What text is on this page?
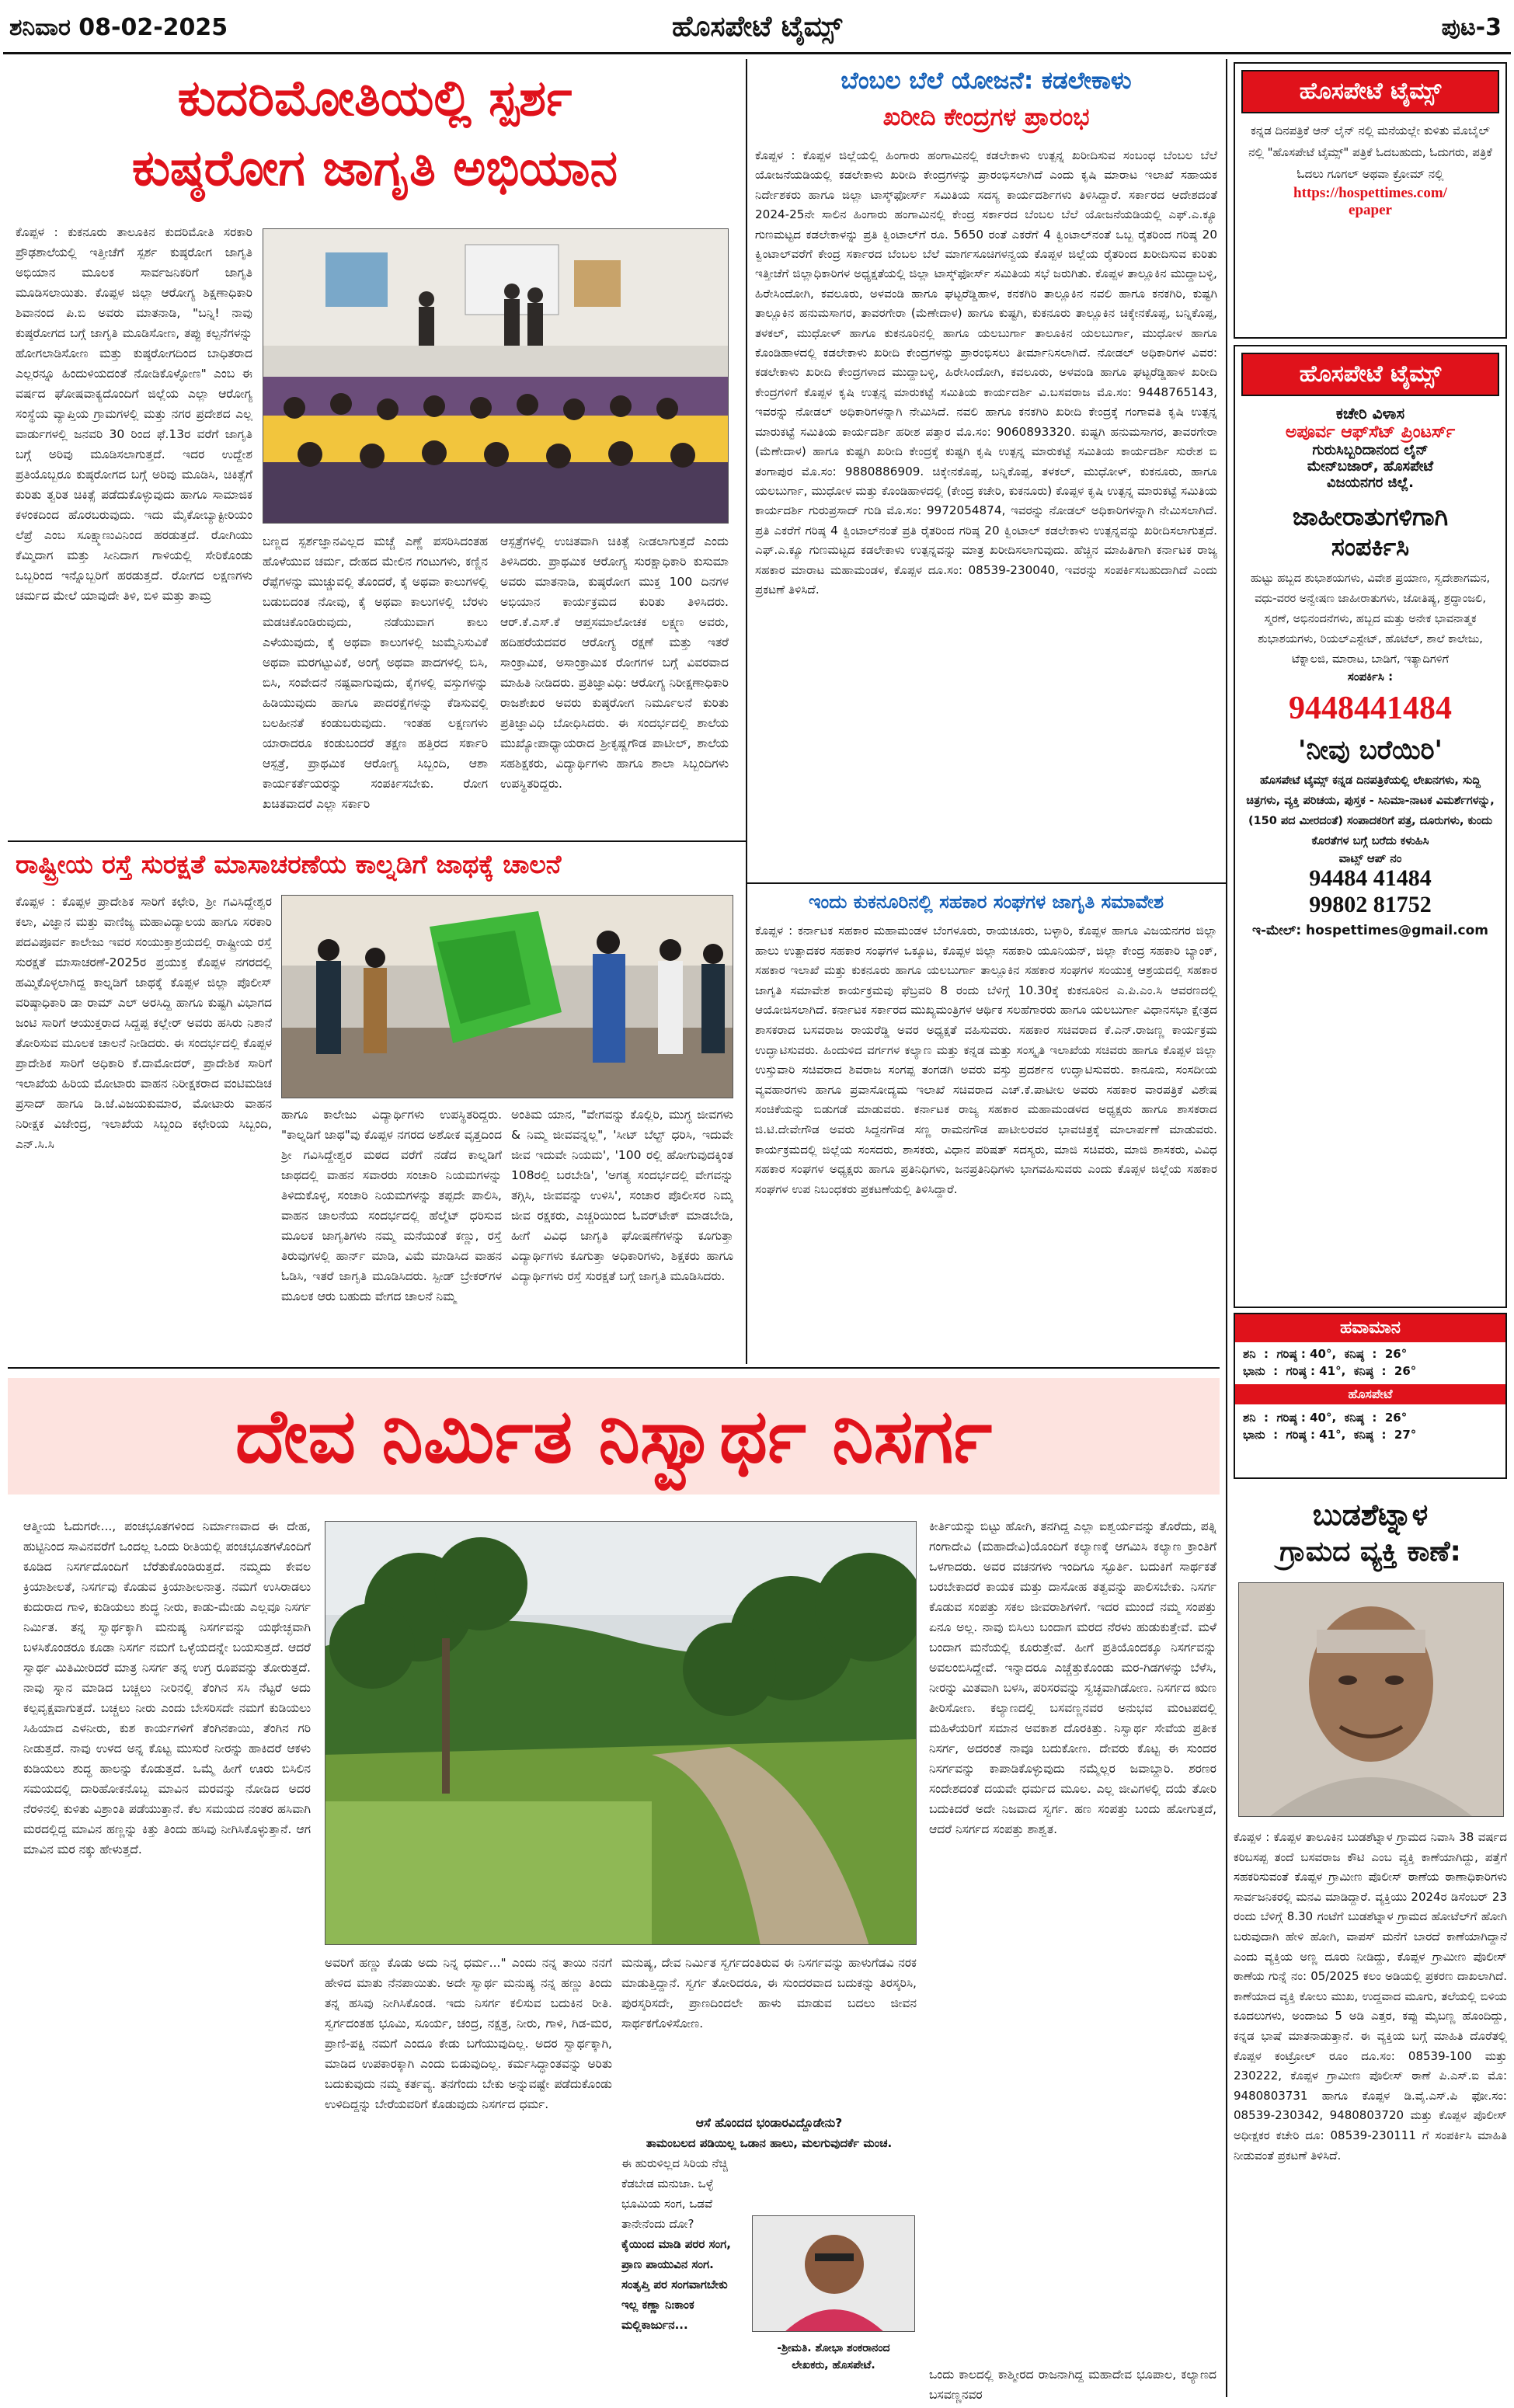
ಶನಿವಾರ 08-02-2025	ಹೊಸಪೇಟೆ ಟೈಮ್ಸ್	ಪುಟ-3
ಕುದರಿಮೋತಿಯಲ್ಲಿ ಸ್ಪರ್ಶ
ಕುಷ್ಠರೋಗ ಜಾಗೃತಿ ಅಭಿಯಾನ
ಕೊಪ್ಪಳ : ಕುಕನೂರು ತಾಲೂಕಿನ ಕುದರಿಮೋತಿ ಸರಕಾರಿ ಪ್ರೌಢಶಾಲೆಯಲ್ಲಿ ಇತ್ತೀಚೆಗೆ ಸ್ಪರ್ಶ ಕುಷ್ಠರೋಗ ಜಾಗೃತಿ ಅಭಿಯಾನ ಮೂಲಕ ಸಾರ್ವಜನಿಕರಿಗೆ ಜಾಗೃತಿ ಮೂಡಿಸಲಾಯಿತು. ಕೊಪ್ಪಳ ಜಿಲ್ಲಾ ಆರೋಗ್ಯ ಶಿಕ್ಷಣಾಧಿಕಾರಿ ಶಿವಾನಂದ ಪಿ.ಬಿ ಅವರು ಮಾತನಾಡಿ, "ಬನ್ನಿ! ನಾವು ಕುಷ್ಠರೋಗದ ಬಗ್ಗೆ ಜಾಗೃತಿ ಮೂಡಿಸೋಣ, ತಪ್ಪು ಕಲ್ಪನೆಗಳನ್ನು ಹೋಗಲಾಡಿಸೋಣ ಮತ್ತು ಕುಷ್ಠರೋಗದಿಂದ ಬಾಧಿತರಾದ ಎಲ್ಲರನ್ನೂ ಹಿಂದುಳಿಯದಂತೆ ನೋಡಿಕೊಳ್ಳೋಣ" ಎಂಬ ಈ ವರ್ಷದ ಘೋಷವಾಕ್ಯದೊಂದಿಗೆ ಜಿಲ್ಲೆಯ ಎಲ್ಲಾ ಆರೋಗ್ಯ ಸಂಸ್ಥೆಯ ವ್ಯಾಪ್ತಿಯ ಗ್ರಾಮಗಳಲ್ಲಿ ಮತ್ತು ನಗರ ಪ್ರದೇಶದ ಎಲ್ಲ ವಾರ್ಡುಗಳಲ್ಲಿ ಜನವರಿ 30 ರಿಂದ ಫೆ.13ರ ವರೆಗೆ ಜಾಗೃತಿ ಬಗ್ಗೆ ಅರಿವು ಮೂಡಿಸಲಾಗುತ್ತದೆ. ಇದರ ಉದ್ದೇಶ ಪ್ರತಿಯೊಬ್ಬರೂ ಕುಷ್ಠರೋಗದ ಬಗ್ಗೆ ಅರಿವು ಮೂಡಿಸಿ, ಚಿಕಿತ್ಸೆಗೆ ಕುರಿತು ತ್ವರಿತ ಚಿಕಿತ್ಸೆ ಪಡೆದುಕೊಳ್ಳುವುದು ಹಾಗೂ ಸಾಮಾಜಿಕ ಕಳಂಕದಿಂದ ಹೊರಬರುವುದು. ಇದು ಮೈಕೋಬ್ಯಾಕ್ಟೀರಿಯಂ ಲೆಪ್ರೆ ಎಂಬ ಸೂಕ್ಷ್ಮಾಣುವಿನಿಂದ ಹರಡುತ್ತದೆ. ರೋಗಿಯು ಕೆಮ್ಮಿದಾಗ ಮತ್ತು ಸೀನಿದಾಗ ಗಾಳಿಯಲ್ಲಿ ಸೇರಿಕೊಂಡು ಒಬ್ಬರಿಂದ ಇನ್ನೊಬ್ಬರಿಗೆ ಹರಡುತ್ತದೆ. ರೋಗದ ಲಕ್ಷಣಗಳು ಚರ್ಮದ ಮೇಲೆ ಯಾವುದೇ ತಿಳಿ, ಬಿಳಿ ಮತ್ತು ತಾಮ್ರ
ಬಣ್ಣದ ಸ್ಪರ್ಶಜ್ಞಾನವಿಲ್ಲದ ಮಚ್ಚೆ ಎಣ್ಣೆ ಪಸರಿಸಿದಂತಹ ಹೊಳೆಯುವ ಚರ್ಮ, ದೇಹದ ಮೇಲಿನ ಗಂಟುಗಳು, ಕಣ್ಣಿನ ರೆಪ್ಪೆಗಳನ್ನು ಮುಚ್ಚುವಲ್ಲಿ ತೊಂದರೆ, ಕೈ ಅಥವಾ ಕಾಲುಗಳಲ್ಲಿ ಬಡುಬಿದಂತ ನೋವು, ಕೈ ಅಥವಾ ಕಾಲುಗಳಲ್ಲಿ ಬೆರಳು ಮಡಚಿಕೊಂಡಿರುವುದು, ನಡೆಯುವಾಗ ಕಾಲು ಎಳೆಯುವುದು, ಕೈ ಅಥವಾ ಕಾಲುಗಳಲ್ಲಿ ಜುಮ್ಮೆನಿಸುವಿಕೆ ಅಥವಾ ಮರಗಟ್ಟುವಿಕೆ, ಅಂಗೈ ಅಥವಾ ಪಾದಗಳಲ್ಲಿ ಬಿಸಿ, ಬಿಸಿ, ಸಂವೇದನೆ ನಷ್ಟವಾಗುವುದು, ಕೈಗಳಲ್ಲಿ ವಸ್ತುಗಳನ್ನು ಹಿಡಿಯುವುದು ಹಾಗೂ ಪಾದರಕ್ಷೆಗಳನ್ನು ಕೆಡಿಸುವಲ್ಲಿ ಬಲಹೀನತೆ ಕಂಡುಬರುವುದು. ಇಂತಹ ಲಕ್ಷಣಗಳು ಯಾರಾದರೂ ಕಂಡುಬಂದರೆ ತಕ್ಷಣ ಹತ್ತಿರದ ಸರ್ಕಾರಿ ಆಸ್ಪತ್ರೆ, ಪ್ರಾಥಮಿಕ ಆರೋಗ್ಯ ಸಿಬ್ಬಂದಿ, ಆಶಾ ಕಾರ್ಯಕರ್ತೆಯರನ್ನು ಸಂಪರ್ಕಿಸಬೇಕು. ರೋಗ ಖಚಿತವಾದರೆ ಎಲ್ಲಾ ಸರ್ಕಾರಿ
ಆಸ್ಪತ್ರೆಗಳಲ್ಲಿ ಉಚಿತವಾಗಿ ಚಿಕಿತ್ಸೆ ನೀಡಲಾಗುತ್ತದೆ ಎಂದು ತಿಳಿಸಿದರು. ಪ್ರಾಥಮಿಕ ಆರೋಗ್ಯ ಸುರಕ್ಷಾಧಿಕಾರಿ ಕುಸುಮಾ ಅವರು ಮಾತನಾಡಿ, ಕುಷ್ಠರೋಗ ಮುಕ್ತ 100 ದಿನಗಳ ಅಭಿಯಾನ ಕಾರ್ಯಕ್ರಮದ ಕುರಿತು ತಿಳಿಸಿದರು. ಆರ್.ಕೆ.ಎಸ್.ಕೆ ಆಪ್ತಸಮಾಲೋಚಕ ಲಕ್ಷ್ಮಣ ಅವರು, ಹದಿಹರೆಯದವರ ಆರೋಗ್ಯ ರಕ್ಷಣೆ ಮತ್ತು ಇತರೆ ಸಾಂಕ್ರಾಮಿಕ, ಅಸಾಂಕ್ರಾಮಿಕ ರೋಗಗಳ ಬಗ್ಗೆ ವಿವರವಾದ ಮಾಹಿತಿ ನೀಡಿದರು. ಪ್ರತಿಜ್ಞಾವಿಧಿ: ಆರೋಗ್ಯ ನಿರೀಕ್ಷಣಾಧಿಕಾರಿ ರಾಜಶೇಖರ ಅವರು ಕುಷ್ಠರೋಗ ನಿರ್ಮೂಲನೆ ಕುರಿತು ಪ್ರತಿಜ್ಞಾವಿಧಿ ಬೋಧಿಸಿದರು. ಈ ಸಂದರ್ಭದಲ್ಲಿ ಶಾಲೆಯ ಮುಖ್ಯೋಪಾಧ್ಯಾಯರಾದ ಶ್ರೀಕೃಷ್ಣಗೌಡ ಪಾಟೀಲ್, ಶಾಲೆಯ ಸಹಶಿಕ್ಷಕರು, ವಿದ್ಯಾರ್ಥಿಗಳು ಹಾಗೂ ಶಾಲಾ ಸಿಬ್ಬಂದಿಗಳು ಉಪಸ್ಥಿತರಿದ್ದರು.
ರಾಷ್ಟ್ರೀಯ ರಸ್ತೆ ಸುರಕ್ಷತೆ ಮಾಸಾಚರಣೆಯ ಕಾಲ್ನಡಿಗೆ ಜಾಥಕ್ಕೆ ಚಾಲನೆ
ಕೊಪ್ಪಳ : ಕೊಪ್ಪಳ ಪ್ರಾದೇಶಿಕ ಸಾರಿಗೆ ಕಛೇರಿ, ಶ್ರೀ ಗವಿಸಿದ್ದೇಶ್ವರ ಕಲಾ, ವಿಜ್ಞಾನ ಮತ್ತು ವಾಣಿಜ್ಯ ಮಹಾವಿದ್ಯಾಲಯ ಹಾಗೂ ಸರಕಾರಿ ಪದವಿಪೂರ್ವ ಕಾಲೇಜು ಇವರ ಸಂಯುಕ್ತಾಶ್ರಯದಲ್ಲಿ ರಾಷ್ಟ್ರೀಯ ರಸ್ತೆ ಸುರಕ್ಷತೆ ಮಾಸಾಚರಣೆ-2025ರ ಪ್ರಯುಕ್ತ ಕೊಪ್ಪಳ ನಗರದಲ್ಲಿ ಹಮ್ಮಿಕೊಳ್ಳಲಾಗಿದ್ದ ಕಾಲ್ನಡಿಗೆ ಜಾಥಕ್ಕೆ ಕೊಪ್ಪಳ ಜಿಲ್ಲಾ ಪೊಲೀಸ್ ವರಿಷ್ಠಾಧಿಕಾರಿ ಡಾ ರಾಮ್ ಎಲ್ ಅರಸಿದ್ದಿ ಹಾಗೂ ಕುಷ್ಟಗಿ ವಿಭಾಗದ ಜಂಟಿ ಸಾರಿಗೆ ಆಯುಕ್ತರಾದ ಸಿದ್ದಪ್ಪ ಕಲ್ಲೇರ್ ಅವರು ಹಸಿರು ನಿಶಾನೆ ತೋರಿಸುವ ಮೂಲಕ ಚಾಲನೆ ನೀಡಿದರು. ಈ ಸಂದರ್ಭದಲ್ಲಿ ಕೊಪ್ಪಳ ಪ್ರಾದೇಶಿಕ ಸಾರಿಗೆ ಅಧಿಕಾರಿ ಕೆ.ದಾಮೋದರ್, ಪ್ರಾದೇಶಿಕ ಸಾರಿಗೆ ಇಲಾಖೆಯ ಹಿರಿಯ ಮೋಟಾರು ವಾಹನ ನಿರೀಕ್ಷಕರಾದ ವಂಟಿಮಡಿಚ ಪ್ರಸಾದ್ ಹಾಗೂ ಡಿ.ಜೆ.ವಿಜಯಕುಮಾರ, ಮೋಟಾರು ವಾಹನ ನಿರೀಕ್ಷಕ ವಿಜೇಂದ್ರ, ಇಲಾಖೆಯ ಸಿಬ್ಬಂದಿ ಕಛೇರಿಯ ಸಿಬ್ಬಂದಿ, ಎನ್.ಸಿ.ಸಿ
ಹಾಗೂ ಕಾಲೇಜು ವಿದ್ಯಾರ್ಥಿಗಳು ಉಪಸ್ಥಿತರಿದ್ದರು. "ಕಾಲ್ನಡಿಗೆ ಜಾಥ"ವು ಕೊಪ್ಪಳ ನಗರದ ಅಶೋಕ ವೃತ್ತದಿಂದ ಶ್ರೀ ಗವಿಸಿದ್ದೇಶ್ವರ ಮಠದ ವರೆಗೆ ನಡೆದ ಕಾಲ್ನಡಿಗೆ ಜಾಥದಲ್ಲಿ ವಾಹನ ಸವಾರರು ಸಂಚಾರಿ ನಿಯಮಗಳನ್ನು ತಿಳಿದುಕೊಳ್ಳ, ಸಂಚಾರಿ ನಿಯಮಗಳನ್ನು ತಪ್ಪದೇ ಪಾಲಿಸಿ, ವಾಹನ ಚಾಲನೆಯ ಸಂದರ್ಭದಲ್ಲಿ ಹೆಲ್ಮೆಟ್ ಧರಿಸುವ ಮೂಲಕ ಜಾಗೃತಿಗಳು ನಮ್ಮ ಮನೆಯಂತೆ ಕಣ್ಣು, ರಸ್ತೆ ತಿರುವುಗಳಲ್ಲಿ ಹಾರ್ನ್ ಮಾಡಿ, ವಿಮೆ ಮಾಡಿಸಿದ ವಾಹನ ಓಡಿಸಿ, ಇತರೆ ಜಾಗೃತಿ ಮೂಡಿಸಿದರು. ಸ್ಪೀಡ್ ಬ್ರೇಕರ್‌ಗಳ ಮೂಲಕ ಆರು ಬಹುದು ವೇಗದ ಚಾಲನೆ ನಿಮ್ಮ
ಅಂತಿಮ ಯಾನ, "ವೇಗವನ್ನು ಕೊಲ್ಲಿರಿ, ಮುಗ್ಧ ಜೀವಗಳು & ನಿಮ್ಮ ಜೀವವನ್ನಲ್ಲ", 'ಸೀಟ್ ಬೆಲ್ಟ್ ಧರಿಸಿ, ಇದುವೇ ಜೀವ ಇದುವೇ ನಿಯಮ', '100 ರಲ್ಲಿ ಹೋಗುವುದಕ್ಕಿಂತ 108ರಲ್ಲಿ ಬರಬೇಡಿ', 'ಅಗತ್ಯ ಸಂದರ್ಭದಲ್ಲಿ ವೇಗವನ್ನು ತಗ್ಗಿಸಿ, ಜೀವವನ್ನು ಉಳಿಸಿ', ಸಂಚಾರ ಪೊಲೀಸರ ನಿಮ್ಮ ಜೀವ ರಕ್ಷಕರು, ಎಚ್ಚರಿಯಿಂದ ಓವರ್‌ಟೇಕ್ ಮಾಡಬೇಡಿ, ಹೀಗೆ ವಿವಿಧ ಜಾಗೃತಿ ಘೋಷಣೆಗಳನ್ನು ಕೂಗುತ್ತಾ ವಿದ್ಯಾರ್ಥಿಗಳು ಕೂಗುತ್ತಾ ಅಧಿಕಾರಿಗಳು, ಶಿಕ್ಷಕರು ಹಾಗೂ ವಿದ್ಯಾರ್ಥಿಗಳು ರಸ್ತೆ ಸುರಕ್ಷತೆ ಬಗ್ಗೆ ಜಾಗೃತಿ ಮೂಡಿಸಿದರು.
ಬೆಂಬಲ ಬೆಲೆ ಯೋಜನೆ: ಕಡಲೇಕಾಳು
ಖರೀದಿ ಕೇಂದ್ರಗಳ ಪ್ರಾರಂಭ
ಕೊಪ್ಪಳ : ಕೊಪ್ಪಳ ಜಿಲ್ಲೆಯಲ್ಲಿ ಹಿಂಗಾರು ಹಂಗಾಮಿನಲ್ಲಿ ಕಡಲೇಕಾಳು ಉತ್ಪನ್ನ ಖರೀದಿಸುವ ಸಂಬಂಧ ಬೆಂಬಲ ಬೆಲೆ ಯೋಜನೆಯಡಿಯಲ್ಲಿ ಕಡಲೇಕಾಳು ಖರೀದಿ ಕೇಂದ್ರಗಳನ್ನು ಪ್ರಾರಂಭಿಸಲಾಗಿದೆ ಎಂದು ಕೃಷಿ ಮಾರಾಟ ಇಲಾಖೆ ಸಹಾಯಕ ನಿರ್ದೇಶಕರು ಹಾಗೂ ಜಿಲ್ಲಾ ಟಾಸ್ಕ್‌ಫೋರ್ಸ್ ಸಮಿತಿಯ ಸದಸ್ಯ ಕಾರ್ಯದರ್ಶಿಗಳು ತಿಳಿಸಿದ್ದಾರೆ. ಸರ್ಕಾರದ ಆದೇಶದಂತೆ 2024-25ನೇ ಸಾಲಿನ ಹಿಂಗಾರು ಹಂಗಾಮಿನಲ್ಲಿ ಕೇಂದ್ರ ಸರ್ಕಾರದ ಬೆಂಬಲ ಬೆಲೆ ಯೋಜನೆಯಡಿಯಲ್ಲಿ ಎಫ್.ಎ.ಕ್ಯೂ ಗುಣಮಟ್ಟದ ಕಡಲೇಕಾಳನ್ನು ಪ್ರತಿ ಕ್ವಿಂಟಾಲ್‌ಗೆ ರೂ. 5650 ರಂತೆ ಎಕರೆಗೆ 4 ಕ್ವಿಂಟಾಲ್‌ನಂತೆ ಒಬ್ಬ ರೈತರಿಂದ ಗರಿಷ್ಠ 20 ಕ್ವಿಂಟಾಲ್‌ವರೆಗೆ ಕೇಂದ್ರ ಸರ್ಕಾರದ ಬೆಂಬಲ ಬೆಲೆ ಮಾರ್ಗಸೂಚಿಗಳನ್ವಯ ಕೊಪ್ಪಳ ಜಿಲ್ಲೆಯ ರೈತರಿಂದ ಖರೀದಿಸುವ ಕುರಿತು ಇತ್ತೀಚೆಗೆ ಜಿಲ್ಲಾಧಿಕಾರಿಗಳ ಅಧ್ಯಕ್ಷತೆಯಲ್ಲಿ ಜಿಲ್ಲಾ ಟಾಸ್ಕ್‌ಫೋರ್ಸ್ ಸಮಿತಿಯ ಸಭೆ ಜರುಗಿತು. ಕೊಪ್ಪಳ ತಾಲ್ಲೂಕಿನ ಮುದ್ದಾಬಳ್ಳಿ, ಹಿರೇಸಿಂದೋಗಿ, ಕವಲೂರು, ಅಳವಂಡಿ ಹಾಗೂ ಘಟ್ಟರೆಡ್ಡಿಹಾಳ, ಕನಕಗಿರಿ ತಾಲ್ಲೂಕಿನ ನವಲಿ ಹಾಗೂ ಕನಕಗಿರಿ, ಕುಷ್ಟಗಿ ತಾಲ್ಲೂಕಿನ ಹನುಮಸಾಗರ, ತಾವರಗೇರಾ (ಮೆಣೇದಾಳ) ಹಾಗೂ ಕುಷ್ಟಗಿ, ಕುಕನೂರು ತಾಲ್ಲೂಕಿನ ಚಿಕ್ಕೇನಕೊಪ್ಪ, ಬನ್ನಿಕೊಪ್ಪ, ತಳಕಲ್, ಮುಧೋಳ್ ಹಾಗೂ ಕುಕನೂರಿನಲ್ಲಿ ಹಾಗೂ ಯಲಬುರ್ಗಾ ತಾಲೂಕಿನ ಯಲಬುರ್ಗಾ, ಮುಧೋಳ ಹಾಗೂ ಕೊಂಡಿಹಾಳದಲ್ಲಿ ಕಡಲೇಕಾಳು ಖರೀದಿ ಕೇಂದ್ರಗಳನ್ನು ಪ್ರಾರಂಭಿಸಲು ತೀರ್ಮಾನಿಸಲಾಗಿದೆ. ನೋಡಲ್ ಅಧಿಕಾರಿಗಳ ವಿವರ: ಕಡಲೇಕಾಳು ಖರೀದಿ ಕೇಂದ್ರಗಳಾದ ಮುದ್ದಾಬಳ್ಳಿ, ಹಿರೇಸಿಂದೋಗಿ, ಕವಲೂರು, ಅಳವಂಡಿ ಹಾಗೂ ಘಟ್ಟರೆಡ್ಡಿಹಾಳ ಖರೀದಿ ಕೇಂದ್ರಗಳಿಗೆ ಕೊಪ್ಪಳ ಕೃಷಿ ಉತ್ಪನ್ನ ಮಾರುಕಟ್ಟೆ ಸಮಿತಿಯ ಕಾರ್ಯದರ್ಶಿ ವಿ.ಬಸವರಾಜ ಮೊ.ಸಂ: 9448765143, ಇವರನ್ನು ನೋಡಲ್ ಅಧಿಕಾರಿಗಳನ್ನಾಗಿ ನೇಮಿಸಿದೆ. ನವಲಿ ಹಾಗೂ ಕನಕಗಿರಿ ಖರೀದಿ ಕೇಂದ್ರಕ್ಕೆ ಗಂಗಾವತಿ ಕೃಷಿ ಉತ್ಪನ್ನ ಮಾರುಕಟ್ಟೆ ಸಮಿತಿಯ ಕಾರ್ಯದರ್ಶಿ ಹರೀಶ ಪತ್ತಾರ ಮೊ.ಸಂ: 9060893320. ಕುಷ್ಟಗಿ ಹನುಮಸಾಗರ, ತಾವರಗೇರಾ (ಮೆಣೇದಾಳ) ಹಾಗೂ ಕುಷ್ಟಗಿ ಖರೀದಿ ಕೇಂದ್ರಕ್ಕೆ ಕುಷ್ಟಗಿ ಕೃಷಿ ಉತ್ಪನ್ನ ಮಾರುಕಟ್ಟೆ ಸಮಿತಿಯ ಕಾರ್ಯದರ್ಶಿ ಸುರೇಶ ಬಿ ತಂಗಾಪುರ ಮೊ.ಸಂ: 9880886909. ಚಿಕ್ಕೇನಕೊಪ್ಪ, ಬನ್ನಿಕೊಪ್ಪ, ತಳಕಲ್, ಮುಧೋಳ್, ಕುಕನೂರು, ಹಾಗೂ ಯಲಬುರ್ಗಾ, ಮುಧೋಳ ಮತ್ತು ಕೊಂಡಿಹಾಳದಲ್ಲಿ (ಕೇಂದ್ರ ಕಚೇರಿ, ಕುಕನೂರು) ಕೊಪ್ಪಳ ಕೃಷಿ ಉತ್ಪನ್ನ ಮಾರುಕಟ್ಟೆ ಸಮಿತಿಯ ಕಾರ್ಯದರ್ಶಿ ಗುರುಪ್ರಸಾದ್ ಗುಡಿ ಮೊ.ಸಂ: 9972054874, ಇವರನ್ನು ನೋಡಲ್ ಅಧಿಕಾರಿಗಳನ್ನಾಗಿ ನೇಮಿಸಲಾಗಿದೆ. ಪ್ರತಿ ಎಕರೆಗೆ ಗರಿಷ್ಠ 4 ಕ್ವಿಂಟಾಲ್‌ನಂತೆ ಪ್ರತಿ ರೈತರಿಂದ ಗರಿಷ್ಠ 20 ಕ್ವಿಂಟಾಲ್ ಕಡಲೇಕಾಳು ಉತ್ಪನ್ನವನ್ನು ಖರೀದಿಸಲಾಗುತ್ತದೆ. ಎಫ್.ಎ.ಕ್ಯೂ ಗುಣಮಟ್ಟದ ಕಡಲೇಕಾಳು ಉತ್ಪನ್ನವನ್ನು ಮಾತ್ರ ಖರೀದಿಸಲಾಗುವುದು. ಹೆಚ್ಚಿನ ಮಾಹಿತಿಗಾಗಿ ಕರ್ನಾಟಕ ರಾಜ್ಯ ಸಹಕಾರ ಮಾರಾಟ ಮಹಾಮಂಡಳ, ಕೊಪ್ಪಳ ದೂ.ಸಂ: 08539-230040, ಇವರನ್ನು ಸಂಪರ್ಕಿಸಬಹುದಾಗಿದೆ ಎಂದು ಪ್ರಕಟಣೆ ತಿಳಿಸಿದೆ.
ಇಂದು ಕುಕನೂರಿನಲ್ಲಿ ಸಹಕಾರ ಸಂಘಗಳ ಜಾಗೃತಿ ಸಮಾವೇಶ
ಕೊಪ್ಪಳ : ಕರ್ನಾಟಕ ಸಹಕಾರ ಮಹಾಮಂಡಳ ಬೆಂಗಳೂರು, ರಾಯಚೂರು, ಬಳ್ಳಾರಿ, ಕೊಪ್ಪಳ ಹಾಗೂ ವಿಜಯನಗರ ಜಿಲ್ಲಾ ಹಾಲು ಉತ್ಪಾದಕರ ಸಹಕಾರ ಸಂಘಗಳ ಒಕ್ಕೂಟ, ಕೊಪ್ಪಳ ಜಿಲ್ಲಾ ಸಹಕಾರಿ ಯೂನಿಯನ್, ಜಿಲ್ಲಾ ಕೇಂದ್ರ ಸಹಕಾರಿ ಬ್ಯಾಂಕ್, ಸಹಕಾರ ಇಲಾಖೆ ಮತ್ತು ಕುಕನೂರು ಹಾಗೂ ಯಲಬುರ್ಗಾ ತಾಲ್ಲೂಕಿನ ಸಹಕಾರ ಸಂಘಗಳ ಸಂಯುಕ್ತ ಆಶ್ರಯದಲ್ಲಿ ಸಹಕಾರ ಜಾಗೃತಿ ಸಮಾವೇಶ ಕಾರ್ಯಕ್ರಮವು ಫೆಬ್ರವರಿ 8 ರಂದು ಬೆಳಿಗ್ಗೆ 10.30ಕ್ಕೆ ಕುಕನೂರಿನ ಎ.ಪಿ.ಎಂ.ಸಿ ಆವರಣದಲ್ಲಿ ಆಯೋಜಿಸಲಾಗಿದೆ. ಕರ್ನಾಟಕ ಸರ್ಕಾರದ ಮುಖ್ಯಮಂತ್ರಿಗಳ ಆರ್ಥಿಕ ಸಲಹೆಗಾರರು ಹಾಗೂ ಯಲಬುರ್ಗಾ ವಿಧಾನಸಭಾ ಕ್ಷೇತ್ರದ ಶಾಸಕರಾದ ಬಸವರಾಜ ರಾಯರೆಡ್ಡಿ ಅವರ ಅಧ್ಯಕ್ಷತೆ ವಹಿಸುವರು. ಸಹಕಾರ ಸಚಿವರಾದ ಕೆ.ಎನ್.ರಾಜಣ್ಣ ಕಾರ್ಯಕ್ರಮ ಉದ್ಘಾಟಿಸುವರು. ಹಿಂದುಳಿದ ವರ್ಗಗಳ ಕಲ್ಯಾಣ ಮತ್ತು ಕನ್ನಡ ಮತ್ತು ಸಂಸ್ಕೃತಿ ಇಲಾಖೆಯ ಸಚಿವರು ಹಾಗೂ ಕೊಪ್ಪಳ ಜಿಲ್ಲಾ ಉಸ್ತುವಾರಿ ಸಚಿವರಾದ ಶಿವರಾಜ ಸಂಗಪ್ಪ ತಂಗಡಗಿ ಅವರು ವಸ್ತು ಪ್ರದರ್ಶನ ಉದ್ಘಾಟಿಸುವರು. ಕಾನೂನು, ಸಂಸದೀಯ ವ್ಯವಹಾರಗಳು ಹಾಗೂ ಪ್ರವಾಸೋದ್ಯಮ ಇಲಾಖೆ ಸಚಿವರಾದ ಎಚ್.ಕೆ.ಪಾಟೀಲ ಅವರು ಸಹಕಾರ ವಾರಪತ್ರಿಕೆ ವಿಶೇಷ ಸಂಚಿಕೆಯನ್ನು ಬಿಡುಗಡೆ ಮಾಡುವರು. ಕರ್ನಾಟಕ ರಾಜ್ಯ ಸಹಕಾರ ಮಹಾಮಂಡಳದ ಅಧ್ಯಕ್ಷರು ಹಾಗೂ ಶಾಸಕರಾದ ಜಿ.ಟಿ.ದೇವೇಗೌಡ ಅವರು ಸಿದ್ದನಗೌಡ ಸಣ್ಣ ರಾಮನಗೌಡ ಪಾಟೀಲರವರ ಭಾವಚಿತ್ರಕ್ಕೆ ಮಾಲಾರ್ಪಣೆ ಮಾಡುವರು. ಕಾರ್ಯಕ್ರಮದಲ್ಲಿ ಜಿಲ್ಲೆಯ ಸಂಸದರು, ಶಾಸಕರು, ವಿಧಾನ ಪರಿಷತ್ ಸದಸ್ಯರು, ಮಾಜಿ ಸಚಿವರು, ಮಾಜಿ ಶಾಸಕರು, ವಿವಿಧ ಸಹಕಾರ ಸಂಘಗಳ ಅಧ್ಯಕ್ಷರು ಹಾಗೂ ಪ್ರತಿನಿಧಿಗಳು, ಜನಪ್ರತಿನಿಧಿಗಳು ಭಾಗವಹಿಸುವರು ಎಂದು ಕೊಪ್ಪಳ ಜಿಲ್ಲೆಯ ಸಹಕಾರ ಸಂಘಗಳ ಉಪ ನಿಬಂಧಕರು ಪ್ರಕಟಣೆಯಲ್ಲಿ ತಿಳಿಸಿದ್ದಾರೆ.
ದೇವ ನಿರ್ಮಿತ ನಿಸ್ವಾರ್ಥ ನಿಸರ್ಗ
ಆತ್ಮೀಯ ಓದುಗರೇ..., ಪಂಚಭೂತಗಳಿಂದ ನಿರ್ಮಾಣವಾದ ಈ ದೇಹ, ಹುಟ್ಟಿನಿಂದ ಸಾವಿನವರೆಗೆ ಒಂದಲ್ಲ ಒಂದು ರೀತಿಯಲ್ಲಿ ಪಂಚಭೂತಗಳೊಂದಿಗೆ ಕೂಡಿದ ನಿಸರ್ಗದೊಂದಿಗೆ ಬೆರೆತುಕೊಂಡಿರುತ್ತದೆ. ನಮ್ಮದು ಕೇವಲ ಕ್ರಿಯಾಶೀಲತೆ, ನಿಸರ್ಗವು ಕೊಡುವ ಕ್ರಿಯಾಶೀಲನಾತ್ರ. ನಮಗೆ ಉಸಿರಾಡಲು ಕುದುರಾದ ಗಾಳಿ, ಕುಡಿಯಲು ಶುದ್ಧ ನೀರು, ಕಾಡು-ಮೇಡು ಎಲ್ಲವೂ ನಿಸರ್ಗ ನಿರ್ಮಿತ. ತನ್ನ ಸ್ವಾರ್ಥಕ್ಕಾಗಿ ಮನುಷ್ಯ ನಿಸರ್ಗವನ್ನು ಯಥೇಚ್ಛವಾಗಿ ಬಳಸಿಕೊಂಡರೂ ಕೂಡಾ ನಿಸರ್ಗ ನಮಗೆ ಒಳ್ಳೆಯದನ್ನೇ ಬಯಸುತ್ತದೆ. ಆದರೆ ಸ್ವಾರ್ಥ ಮಿತಿಮೀರಿದರೆ ಮಾತ್ರ ನಿಸರ್ಗ ತನ್ನ ಉಗ್ರ ರೂಪವನ್ನು ತೋರುತ್ತದೆ. ನಾವು ಸ್ನಾನ ಮಾಡಿದ ಬಚ್ಚಲು ನೀರಿನಲ್ಲಿ ತೆಂಗಿನ ಸಸಿ ನೆಟ್ಟರೆ ಅದು ಕಲ್ಪವೃಕ್ಷವಾಗುತ್ತದೆ. ಬಚ್ಚಲು ನೀರು ಎಂದು ಬೇಸರಿಸದೇ ನಮಗೆ ಕುಡಿಯಲು ಸಿಹಿಯಾದ ಎಳನೀರು, ಕುಶ ಕಾರ್ಯಗಳಿಗೆ ತೆಂಗಿನಕಾಯಿ, ತೆಂಗಿನ ಗರಿ ನೀಡುತ್ತದೆ. ನಾವು ಉಳದ ಅನ್ನ ಕೊಟ್ಟ ಮುಸುರೆ ನೀರನ್ನು ಹಾಕಿದರೆ ಆಕಳು ಕುಡಿಯಲು ಶುದ್ಧ ಹಾಲನ್ನು ಕೊಡುತ್ತದೆ. ಒಮ್ಮೆ ಹೀಗೆ ಊರು ಬಿಸಿಲಿನ ಸಮಯದಲ್ಲಿ ದಾರಿಹೋಕನೊಬ್ಬ ಮಾವಿನ ಮರವನ್ನು ನೋಡಿದ ಅದರ ನೆರಳಿನಲ್ಲಿ ಕುಳಿತು ವಿಶ್ರಾಂತಿ ಪಡೆಯುತ್ತಾನೆ. ಕೆಲ ಸಮಯದ ನಂತರ ಹಸಿವಾಗಿ ಮರದಲ್ಲಿದ್ದ ಮಾವಿನ ಹಣ್ಣನ್ನು ಕಿತ್ತು ತಿಂದು ಹಸಿವು ನೀಗಿಸಿಕೊಳ್ಳುತ್ತಾನೆ. ಆಗ ಮಾವಿನ ಮರ ನಕ್ಕು ಹೇಳುತ್ತದೆ.
ಅವರಿಗೆ ಹಣ್ಣು ಕೊಡು ಅದು ನಿನ್ನ ಧರ್ಮ..." ಎಂದು ನನ್ನ ತಾಯಿ ನನಗೆ ಹೇಳಿದ ಮಾತು ನೆನಪಾಯಿತು. ಅದೇ ಸ್ವಾರ್ಥ ಮನುಷ್ಯ ನನ್ನ ಹಣ್ಣು ತಿಂದು ತನ್ನ ಹಸಿವು ನೀಗಿಸಿಕೊಂಡ. ಇದು ನಿಸರ್ಗ ಕಲಿಸುವ ಬದುಕಿನ ರೀತಿ. ಸ್ವರ್ಗದಂತಹ ಭೂಮಿ, ಸೂರ್ಯ, ಚಂದ್ರ, ನಕ್ಷತ್ರ, ನೀರು, ಗಾಳಿ, ಗಿಡ-ಮರ, ಪ್ರಾಣಿ-ಪಕ್ಷಿ ನಮಗೆ ಎಂದೂ ಕೇಡು ಬಗೆಯುವುದಿಲ್ಲ. ಅದರ ಸ್ವಾರ್ಥಕ್ಕಾಗಿ, ಮಾಡಿದ ಉಪಕಾರಕ್ಕಾಗಿ ಎಂದು ಬಿಡುವುದಿಲ್ಲ. ಕರ್ಮಸಿದ್ಧಾಂತವನ್ನು ಅರಿತು ಬದುಕುವುದು ನಮ್ಮ ಕರ್ತವ್ಯ. ತನಗೆಂದು ಬೇಕು ಅನ್ನುವಷ್ಟೇ ಪಡೆದುಕೊಂಡು ಉಳಿದಿದ್ದನ್ನು ಬೇರೆಯವರಿಗೆ ಕೊಡುವುದು ನಿಸರ್ಗದ ಧರ್ಮ.
ಮನುಷ್ಯ, ದೇವ ನಿರ್ಮಿತ ಸ್ವರ್ಗದಂತಿರುವ ಈ ನಿಸರ್ಗವನ್ನು ಹಾಳುಗೆಡವಿ ನರಕ ಮಾಡುತ್ತಿದ್ದಾನೆ. ಸ್ವರ್ಗ ತೋರಿದರೂ, ಈ ಸುಂದರವಾದ ಬದುಕನ್ನು ತಿರಸ್ಕರಿಸಿ, ಪುರಸ್ಕರಿಸದೇ, ಪ್ರಾಣದಿಂದಲೇ ಹಾಳು ಮಾಡುವ ಬದಲು ಜೀವನ ಸಾರ್ಥಕಗೊಳಿಸೋಣ.
ಆಸೆ ಹೊಂದದ ಭಂಡಾರವಿದ್ದೊಡೇನು?
ತಾಮಂಬಲದ ಪಡಿಯಿಲ್ಲ ಒಡಾನ ಹಾಲು, ಮಲಗುವುದರ್ಕೆ ಮಂಚ.
ಈ ಹುರುಳಿಲ್ಲದ ಸಿರಿಯ ನೆಚ್ಚಿ ಕೆಡಬೇಡ ಮನುಜಾ. ಒಳ್ಳೆ ಭೂಮಿಯ ಸಂಗ, ಒಡವೆ ತಾನೇನೆಂದು ದೋ?
ಕೈಯಿಂದ ಮಾಡಿ ಪರರ ಸಂಗ, ಪ್ರಾಣ ಪಾಯುವಿನ ಸಂಗ. ಸಂತೃಪ್ತಿ ಪರ ಸಂಗವಾಗಬೇಕು ಇಲ್ಲ ಕಣ್ಣಾ ನಿಃಕಾಂಕ ಮಲ್ಲಿಕಾರ್ಜುನ...
-ಶ್ರೀಮತಿ. ಶೋಭಾ ಶಂಕರಾನಂದ
ಲೇಖಕರು, ಹೊಸಪೇಟೆ.
ಕೀರ್ತಿಯನ್ನು ಬಿಟ್ಟು ಹೋಗಿ, ತನಗಿದ್ದ ಎಲ್ಲಾ ಐಶ್ವರ್ಯವನ್ನು ತೊರೆದು, ಪತ್ನಿ ಗಂಗಾದೇವಿ (ಮಹಾದೇವಿ)ಯೊಂದಿಗೆ ಕಲ್ಯಾಣಕ್ಕೆ ಆಗಮಿಸಿ ಕಲ್ಯಾಣ ಕ್ರಾಂತಿಗೆ ಒಳಗಾದರು. ಅವರ ವಚನಗಳು ಇಂದಿಗೂ ಸ್ಫೂರ್ತಿ. ಬದುಕಿಗೆ ಸಾರ್ಥಕತೆ ಬರಬೇಕಾದರೆ ಕಾಯಕ ಮತ್ತು ದಾಸೋಹ ತತ್ವವನ್ನು ಪಾಲಿಸಬೇಕು. ನಿಸರ್ಗ ಕೊಡುವ ಸಂಪತ್ತು ಸಕಲ ಜೀವರಾಶಿಗಳಿಗೆ. ಇದರ ಮುಂದೆ ನಮ್ಮ ಸಂಪತ್ತು ಏನೂ ಅಲ್ಲ. ನಾವು ಬಿಸಿಲು ಬಂದಾಗ ಮರದ ನೆರಳು ಹುಡುಕುತ್ತೇವೆ. ಮಳೆ ಬಂದಾಗ ಮನೆಯಲ್ಲಿ ಕೂರುತ್ತೇವೆ. ಹೀಗೆ ಪ್ರತಿಯೊಂದಕ್ಕೂ ನಿಸರ್ಗವನ್ನು ಅವಲಂಬಿಸಿದ್ದೇವೆ. ಇನ್ನಾದರೂ ಎಚ್ಚೆತ್ತುಕೊಂಡು ಮರ-ಗಿಡಗಳನ್ನು ಬೆಳೆಸಿ, ನೀರನ್ನು ಮಿತವಾಗಿ ಬಳಸಿ, ಪರಿಸರವನ್ನು ಸ್ವಚ್ಛವಾಗಿಡೋಣ. ನಿಸರ್ಗದ ಋಣ ತೀರಿಸೋಣ. ಕಲ್ಯಾಣದಲ್ಲಿ ಬಸವಣ್ಣನವರ ಅನುಭವ ಮಂಟಪದಲ್ಲಿ ಮಹಿಳೆಯರಿಗೆ ಸಮಾನ ಅವಕಾಶ ದೊರಕಿತ್ತು. ನಿಸ್ವಾರ್ಥ ಸೇವೆಯ ಪ್ರತೀಕ ನಿಸರ್ಗ, ಅದರಂತೆ ನಾವೂ ಬದುಕೋಣ. ದೇವರು ಕೊಟ್ಟ ಈ ಸುಂದರ ನಿಸರ್ಗವನ್ನು ಕಾಪಾಡಿಕೊಳ್ಳುವುದು ನಮ್ಮೆಲ್ಲರ ಜವಾಬ್ದಾರಿ. ಶರಣರ ಸಂದೇಶದಂತೆ ದಯವೇ ಧರ್ಮದ ಮೂಲ. ಎಲ್ಲ ಜೀವಿಗಳಲ್ಲಿ ದಯೆ ತೋರಿ ಬದುಕಿದರೆ ಅದೇ ನಿಜವಾದ ಸ್ವರ್ಗ. ಹಣ ಸಂಪತ್ತು ಬಂದು ಹೋಗುತ್ತದೆ, ಆದರೆ ನಿಸರ್ಗದ ಸಂಪತ್ತು ಶಾಶ್ವತ.
ಒಂದು ಕಾಲದಲ್ಲಿ ಕಾಶ್ಮೀರದ ರಾಜನಾಗಿದ್ದ ಮಹಾದೇವ ಭೂಪಾಲ, ಕಲ್ಯಾಣದ ಬಸವಣ್ಣನವರ
ಹೊಸಪೇಟೆ ಟೈಮ್ಸ್
ಕನ್ನಡ ದಿನಪತ್ರಿಕೆ ಆನ್ ಲೈನ್ ನಲ್ಲಿ ಮನೆಯಲ್ಲೇ ಕುಳಿತು ಮೊಬೈಲ್ ನಲ್ಲಿ "ಹೊಸಪೇಟೆ ಟೈಮ್ಸ್" ಪತ್ರಿಕೆ ಓದಬಹುದು, ಓದುಗರು, ಪತ್ರಿಕೆ ಓದಲು ಗೂಗಲ್ ಅಥವಾ ಕ್ರೋಮ್ ನಲ್ಲಿ
https://hospettimes.com/
epaper
ಹೊಸಪೇಟೆ ಟೈಮ್ಸ್
ಕಚೇರಿ ವಿಳಾಸ
ಅಪೂರ್ವ ಆಫ್‌ಸೆಟ್ ಪ್ರಿಂಟರ್ಸ್
ಗುರುಸಿಬ್ಬರಿದಾನಂದ ಲೈನ್
ಮೇನ್‌ಬಜಾರ್, ಹೊಸಪೇಟೆ
ವಿಜಯನಗರ ಜಿಲ್ಲೆ.
ಜಾಹೀರಾತುಗಳಿಗಾಗಿ
ಸಂಪರ್ಕಿಸಿ
ಹುಟ್ಟು ಹಬ್ಬದ ಶುಭಾಶಯಗಳು, ವಿವೇಶ ಪ್ರಯಾಣ, ಸ್ವದೇಶಾಗಮನ, ವಧು-ವರರ ಅನ್ವೇಷಣ ಜಾಹೀರಾತುಗಳು, ಜೋತಿಷ್ಯ, ಶ್ರದ್ಧಾಂಜಲಿ, ಸ್ಮರಣೆ, ಅಭಿನಂದನೆಗಳು, ಹಬ್ಬದ ಮತ್ತು ಅನೇಕ ಭಾವನಾತ್ಮಕ ಶುಭಾಶಯಗಳು, ರಿಯಲ್‌ಎಸ್ಟೇಟ್, ಹೊಟೆಲ್, ಶಾಲೆ ಕಾಲೇಜು, ಟೆಕ್ನಾಲಜಿ, ಮಾರಾಟ, ಬಾಡಿಗೆ, ಇತ್ಯಾದಿಗಳಿಗೆ
ಸಂಪರ್ಕಿಸಿ :
9448441484
'ನೀವು ಬರೆಯಿರಿ'
ಹೊಸಪೇಟೆ ಟೈಮ್ಸ್ ಕನ್ನಡ ದಿನಪತ್ರಿಕೆಯಲ್ಲಿ ಲೇಖನಗಳು, ಸುದ್ದಿ ಚಿತ್ರಗಳು, ವ್ಯಕ್ತಿ ಪರಿಚಯ, ಪುಸ್ತಕ - ಸಿನಿಮಾ-ನಾಟಕ ವಿಮರ್ಶೆಗಳನ್ನು,(150 ಪದ ಮೀರದಂತೆ) ಸಂಪಾದಕರಿಗೆ ಪತ್ರ, ದೂರುಗಳು, ಕುಂದು ಕೊರತೆಗಳ ಬಗ್ಗೆ ಬರೆದು ಕಳುಹಿಸಿ
ವಾಟ್ಸ್ ಆಪ್ ನಂ
94484 41484
99802 81752
ಇ-ಮೇಲ್: hospettimes@gmail.com
ಹವಾಮಾನ
ಶನಿ  :  ಗರಿಷ್ಠ : 40°,  ಕನಿಷ್ಠ  :  26°
ಭಾನು  :  ಗರಿಷ್ಠ : 41°,  ಕನಿಷ್ಠ  :  26°
ಹೊಸಪೇಟೆ
ಶನಿ  :  ಗರಿಷ್ಠ : 40°,  ಕನಿಷ್ಠ  :  26°
ಭಾನು  :  ಗರಿಷ್ಠ : 41°,  ಕನಿಷ್ಠ  :  27°
ಬುಡಶೆಟ್ನಾಳ
ಗ್ರಾಮದ ವ್ಯಕ್ತಿ ಕಾಣೆ:
ಕೊಪ್ಪಳ : ಕೊಪ್ಪಳ ತಾಲೂಕಿನ ಬುಡಶೆಟ್ನಾಳ ಗ್ರಾಮದ ನಿವಾಸಿ 38 ವರ್ಷದ ಕರಿಬಸಪ್ಪ ತಂದೆ ಬಸವರಾಜ ಕೌಟಿ ಎಂಬ ವ್ಯಕ್ತಿ ಕಾಣೆಯಾಗಿದ್ದು, ಪತ್ತೆಗೆ ಸಹಕರಿಸುವಂತೆ ಕೊಪ್ಪಳ ಗ್ರಾಮೀಣ ಪೊಲೀಸ್ ಠಾಣೆಯ ಠಾಣಾಧಿಕಾರಿಗಳು ಸಾರ್ವಜನಿಕರಲ್ಲಿ ಮನವಿ ಮಾಡಿದ್ದಾರೆ. ವ್ಯಕ್ತಿಯು 2024ರ ಡಿಸೆಂಬರ್ 23 ರಂದು ಬೆಳಿಗ್ಗೆ 8.30 ಗಂಟೆಗೆ ಬುಡಶೆಟ್ನಾಳ ಗ್ರಾಮದ ಹೋಟೆಲ್‌ಗೆ ಹೋಗಿ ಬರುವುದಾಗಿ ಹೇಳಿ ಹೋಗಿ, ವಾಪಸ್ ಮನೆಗೆ ಬಾರದೆ ಕಾಣೆಯಾಗಿದ್ದಾನೆ ಎಂದು ವ್ಯಕ್ತಿಯ ಅಣ್ಣ ದೂರು ನೀಡಿದ್ದು, ಕೊಪ್ಪಳ ಗ್ರಾಮೀಣ ಪೊಲೀಸ್ ಠಾಣೆಯ ಗುನ್ನೆ ನಂ: 05/2025 ಕಲಂ ಅಡಿಯಲ್ಲಿ ಪ್ರಕರಣ ದಾಖಲಾಗಿದೆ. ಕಾಣೆಯಾದ ವ್ಯಕ್ತಿ ಕೋಲು ಮುಖ, ಉದ್ದವಾದ ಮೂಗು, ತಲೆಯಲ್ಲಿ ಬಿಳಿಯ ಕೂದಲುಗಳು, ಅಂದಾಜು 5 ಅಡಿ ಎತ್ತರ, ಕಪ್ಪು ಮೈಬಣ್ಣ ಹೊಂದಿದ್ದು, ಕನ್ನಡ ಭಾಷೆ ಮಾತನಾಡುತ್ತಾನೆ. ಈ ವ್ಯಕ್ತಿಯ ಬಗ್ಗೆ ಮಾಹಿತಿ ದೊರೆತಲ್ಲಿ ಕೊಪ್ಪಳ ಕಂಟ್ರೋಲ್ ರೂಂ ದೂ.ಸಂ: 08539-100 ಮತ್ತು 230222, ಕೊಪ್ಪಳ ಗ್ರಾಮೀಣ ಪೊಲೀಸ್ ಠಾಣೆ ಪಿ.ಎಸ್.ಐ ಮೊ: 9480803731 ಹಾಗೂ ಕೊಪ್ಪಳ ಡಿ.ವೈ.ಎಸ್.ಪಿ ಫೋ.ಸಂ: 08539-230342, 9480803720 ಮತ್ತು ಕೊಪ್ಪಳ ಪೊಲೀಸ್ ಅಧೀಕ್ಷಕರ ಕಚೇರಿ ದೂ: 08539-230111 ಗೆ ಸಂಪರ್ಕಿಸಿ ಮಾಹಿತಿ ನೀಡುವಂತೆ ಪ್ರಕಟಣೆ ತಿಳಿಸಿದೆ.
